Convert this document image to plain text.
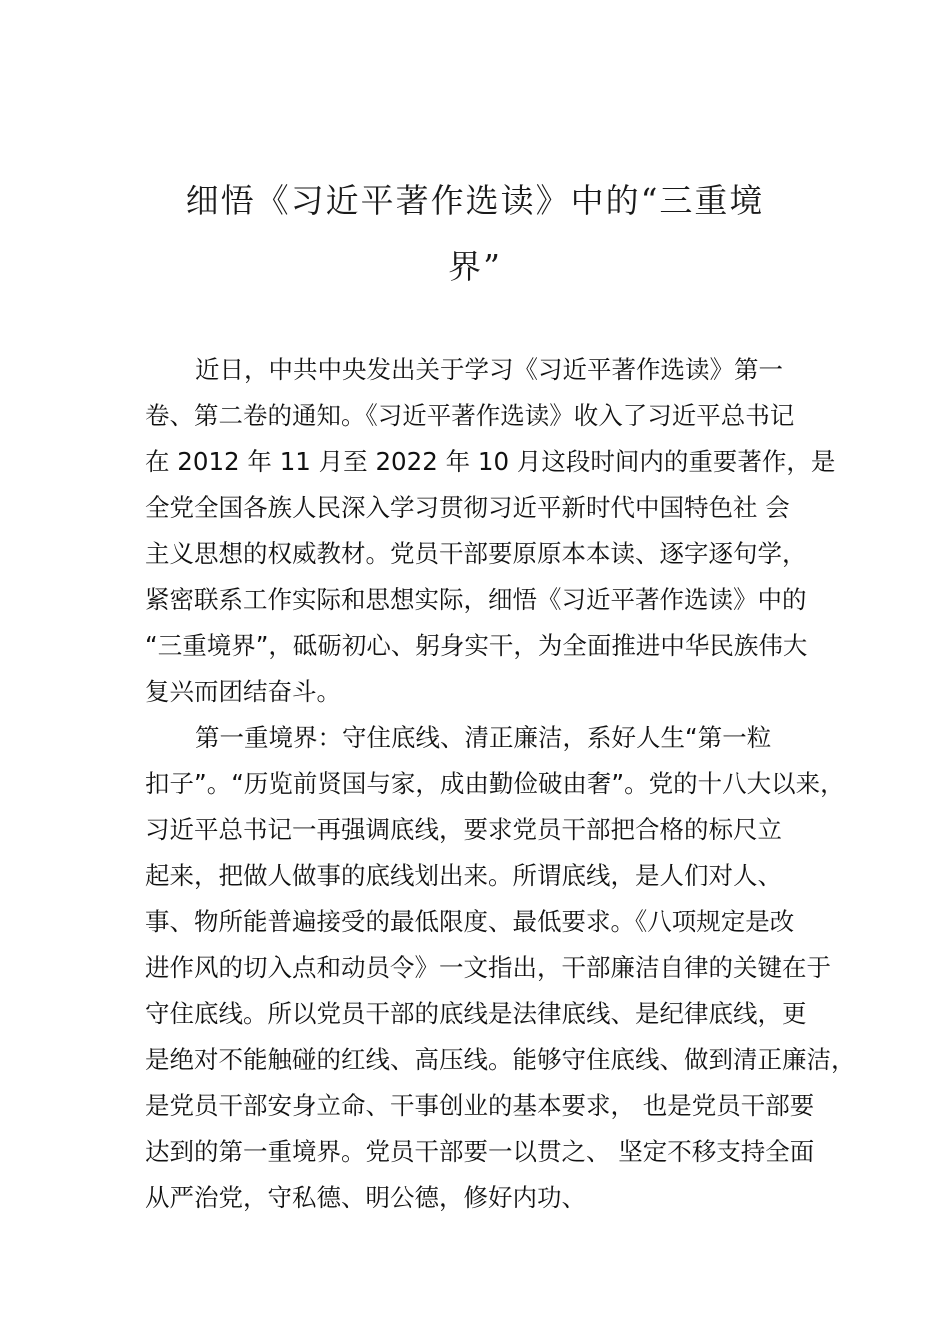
细悟《习近平著作选读》中的“三重境
界”
近日，中共中央发出关于学习《习近平著作选读》第一
卷、第二卷的通知。《习近平著作选读》收入了习近平总书记
在 2012 年 11 月至 2022 年 10 月这段时间内的重要著作，是
全党全国各族人民深入学习贯彻习近平新时代中国特色社 会
主义思想的权威教材。党员干部要原原本本读、逐字逐句学，
紧密联系工作实际和思想实际，细悟《习近平著作选读》中的
“三重境界”，砥砺初心、躬身实干，为全面推进中华民族伟大
复兴而团结奋斗。
第一重境界：守住底线、清正廉洁，系好人生“第一粒
扣子”。“历览前贤国与家，成由勤俭破由奢”。党的十八大以来，
习近平总书记一再强调底线，要求党员干部把合格的标尺立
起来，把做人做事的底线划出来。所谓底线，是人们对人、
事、物所能普遍接受的最低限度、最低要求。《八项规定是改
进作风的切入点和动员令》一文指出，干部廉洁自律的关键在于
守住底线。所以党员干部的底线是法律底线、是纪律底线，更
是绝对不能触碰的红线、高压线。能够守住底线、做到清正廉洁，
是党员干部安身立命、干事创业的基本要求， 也是党员干部要
达到的第一重境界。党员干部要一以贯之、 坚定不移支持全面
从严治党，守私德、明公德，修好内功、
